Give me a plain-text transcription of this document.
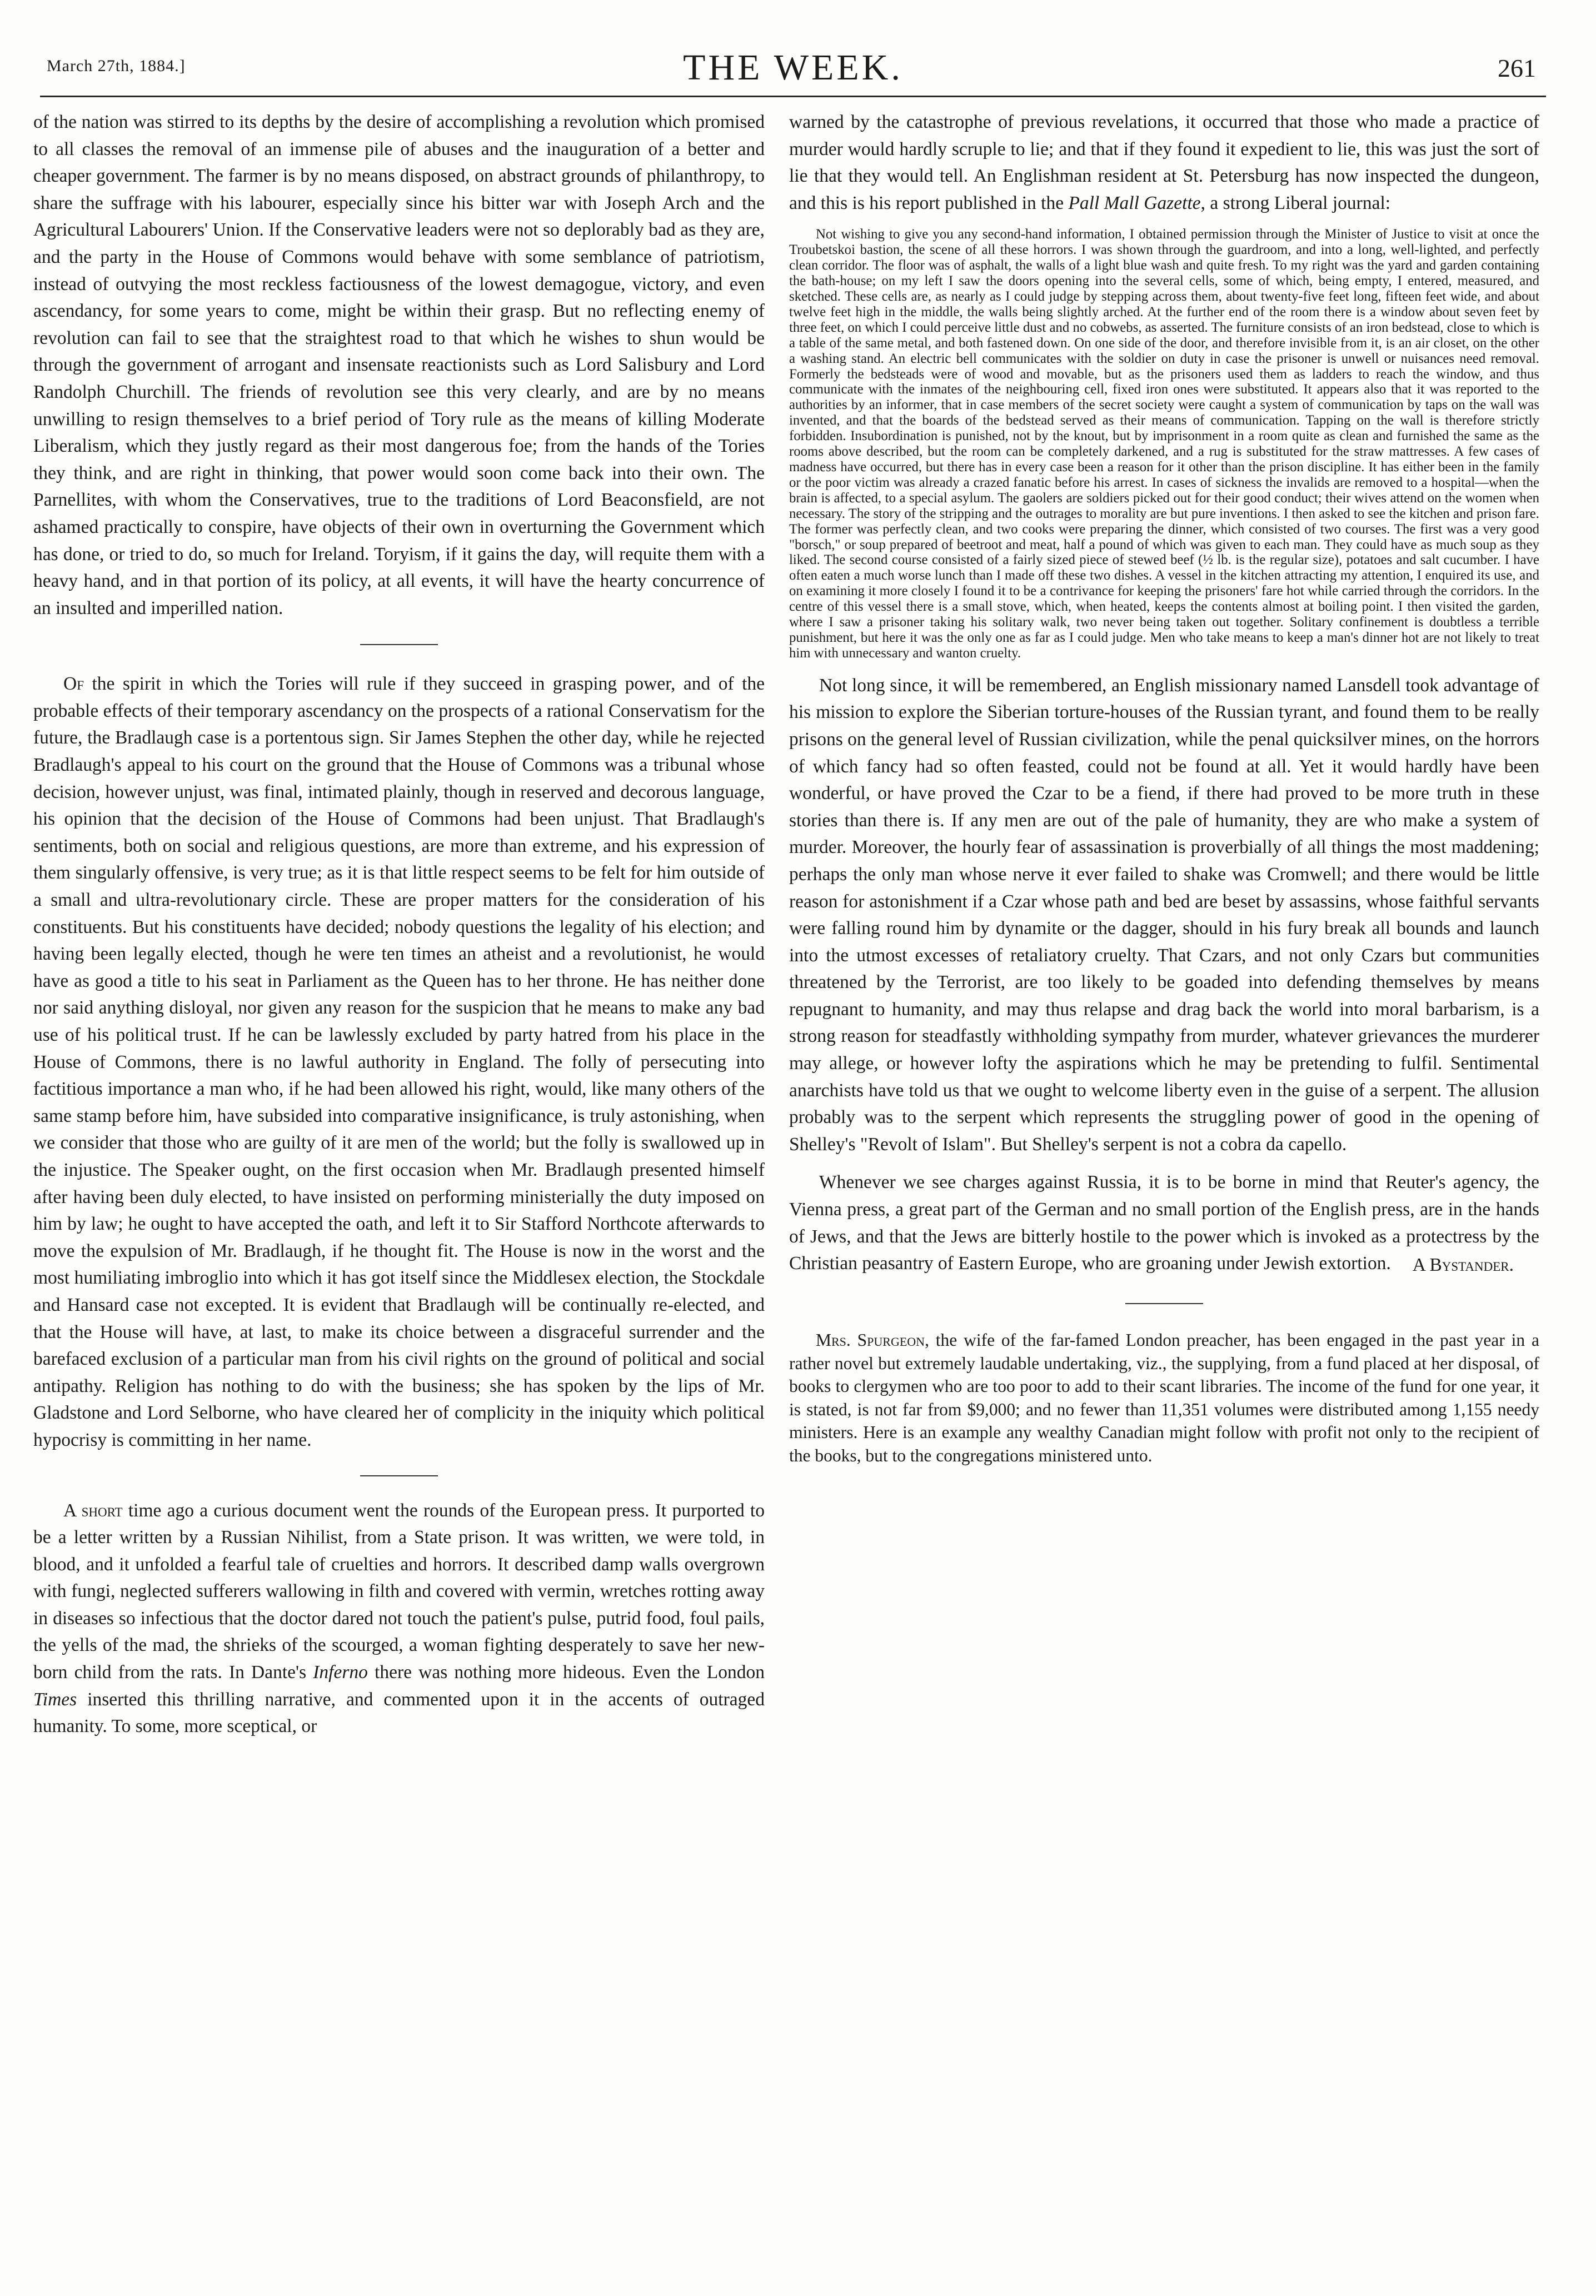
March 27th, 1884.]	THE WEEK.	261

of the nation was stirred to its depths by the desire of accomplishing a revolution which promised to all classes the removal of an immense pile of abuses and the inauguration of a better and cheaper government. The farmer is by no means disposed, on abstract grounds of philanthropy, to share the suffrage with his labourer, especially since his bitter war with Joseph Arch and the Agricultural Labourers' Union. If the Conservative leaders were not so deplorably bad as they are, and the party in the House of Commons would behave with some semblance of patriotism, instead of outvying the most reckless factiousness of the lowest demagogue, victory, and even ascendancy, for some years to come, might be within their grasp. But no reflecting enemy of revolution can fail to see that the straightest road to that which he wishes to shun would be through the government of arrogant and insensate reactionists such as Lord Salisbury and Lord Randolph Churchill. The friends of revolution see this very clearly, and are by no means unwilling to resign themselves to a brief period of Tory rule as the means of killing Moderate Liberalism, which they justly regard as their most dangerous foe; from the hands of the Tories they think, and are right in thinking, that power would soon come back into their own. The Parnellites, with whom the Conservatives, true to the traditions of Lord Beaconsfield, are not ashamed practically to conspire, have objects of their own in overturning the Government which has done, or tried to do, so much for Ireland. Toryism, if it gains the day, will requite them with a heavy hand, and in that portion of its policy, at all events, it will have the hearty concurrence of an insulted and imperilled nation.

Of the spirit in which the Tories will rule if they succeed in grasping power, and of the probable effects of their temporary ascendancy on the prospects of a rational Conservatism for the future, the Bradlaugh case is a portentous sign. Sir James Stephen the other day, while he rejected Bradlaugh's appeal to his court on the ground that the House of Commons was a tribunal whose decision, however unjust, was final, intimated plainly, though in reserved and decorous language, his opinion that the decision of the House of Commons had been unjust. That Bradlaugh's sentiments, both on social and religious questions, are more than extreme, and his expression of them singularly offensive, is very true; as it is that little respect seems to be felt for him outside of a small and ultra-revolutionary circle. These are proper matters for the consideration of his constituents. But his constituents have decided; nobody questions the legality of his election; and having been legally elected, though he were ten times an atheist and a revolutionist, he would have as good a title to his seat in Parliament as the Queen has to her throne. He has neither done nor said anything disloyal, nor given any reason for the suspicion that he means to make any bad use of his political trust. If he can be lawlessly excluded by party hatred from his place in the House of Commons, there is no lawful authority in England. The folly of persecuting into factitious importance a man who, if he had been allowed his right, would, like many others of the same stamp before him, have subsided into comparative insignificance, is truly astonishing, when we consider that those who are guilty of it are men of the world; but the folly is swallowed up in the injustice. The Speaker ought, on the first occasion when Mr. Bradlaugh presented himself after having been duly elected, to have insisted on performing ministerially the duty imposed on him by law; he ought to have accepted the oath, and left it to Sir Stafford Northcote afterwards to move the expulsion of Mr. Bradlaugh, if he thought fit. The House is now in the worst and the most humiliating imbroglio into which it has got itself since the Middlesex election, the Stockdale and Hansard case not excepted. It is evident that Bradlaugh will be continually re-elected, and that the House will have, at last, to make its choice between a disgraceful surrender and the barefaced exclusion of a particular man from his civil rights on the ground of political and social antipathy. Religion has nothing to do with the business; she has spoken by the lips of Mr. Gladstone and Lord Selborne, who have cleared her of complicity in the iniquity which political hypocrisy is committing in her name.

A short time ago a curious document went the rounds of the European press. It purported to be a letter written by a Russian Nihilist, from a State prison. It was written, we were told, in blood, and it unfolded a fearful tale of cruelties and horrors. It described damp walls overgrown with fungi, neglected sufferers wallowing in filth and covered with vermin, wretches rotting away in diseases so infectious that the doctor dared not touch the patient's pulse, putrid food, foul pails, the yells of the mad, the shrieks of the scourged, a woman fighting desperately to save her new-born child from the rats. In Dante's Inferno there was nothing more hideous. Even the London Times inserted this thrilling narrative, and commented upon it in the accents of outraged humanity. To some, more sceptical, or

warned by the catastrophe of previous revelations, it occurred that those who made a practice of murder would hardly scruple to lie; and that if they found it expedient to lie, this was just the sort of lie that they would tell. An Englishman resident at St. Petersburg has now inspected the dungeon, and this is his report published in the Pall Mall Gazette, a strong Liberal journal:

Not wishing to give you any second-hand information, I obtained permission through the Minister of Justice to visit at once the Troubetskoi bastion, the scene of all these horrors. I was shown through the guardroom, and into a long, well-lighted, and perfectly clean corridor. The floor was of asphalt, the walls of a light blue wash and quite fresh. To my right was the yard and garden containing the bath-house; on my left I saw the doors opening into the several cells, some of which, being empty, I entered, measured, and sketched. These cells are, as nearly as I could judge by stepping across them, about twenty-five feet long, fifteen feet wide, and about twelve feet high in the middle, the walls being slightly arched. At the further end of the room there is a window about seven feet by three feet, on which I could perceive little dust and no cobwebs, as asserted. The furniture consists of an iron bedstead, close to which is a table of the same metal, and both fastened down. On one side of the door, and therefore invisible from it, is an air closet, on the other a washing stand. An electric bell communicates with the soldier on duty in case the prisoner is unwell or nuisances need removal. Formerly the bedsteads were of wood and movable, but as the prisoners used them as ladders to reach the window, and thus communicate with the inmates of the neighbouring cell, fixed iron ones were substituted. It appears also that it was reported to the authorities by an informer, that in case members of the secret society were caught a system of communication by taps on the wall was invented, and that the boards of the bedstead served as their means of communication. Tapping on the wall is therefore strictly forbidden. Insubordination is punished, not by the knout, but by imprisonment in a room quite as clean and furnished the same as the rooms above described, but the room can be completely darkened, and a rug is substituted for the straw mattresses. A few cases of madness have occurred, but there has in every case been a reason for it other than the prison discipline. It has either been in the family or the poor victim was already a crazed fanatic before his arrest. In cases of sickness the invalids are removed to a hospital—when the brain is affected, to a special asylum. The gaolers are soldiers picked out for their good conduct; their wives attend on the women when necessary. The story of the stripping and the outrages to morality are but pure inventions. I then asked to see the kitchen and prison fare. The former was perfectly clean, and two cooks were preparing the dinner, which consisted of two courses. The first was a very good "borsch," or soup prepared of beetroot and meat, half a pound of which was given to each man. They could have as much soup as they liked. The second course consisted of a fairly sized piece of stewed beef (½ lb. is the regular size), potatoes and salt cucumber. I have often eaten a much worse lunch than I made off these two dishes. A vessel in the kitchen attracting my attention, I enquired its use, and on examining it more closely I found it to be a contrivance for keeping the prisoners' fare hot while carried through the corridors. In the centre of this vessel there is a small stove, which, when heated, keeps the contents almost at boiling point. I then visited the garden, where I saw a prisoner taking his solitary walk, two never being taken out together. Solitary confinement is doubtless a terrible punishment, but here it was the only one as far as I could judge. Men who take means to keep a man's dinner hot are not likely to treat him with unnecessary and wanton cruelty.

Not long since, it will be remembered, an English missionary named Lansdell took advantage of his mission to explore the Siberian torture-houses of the Russian tyrant, and found them to be really prisons on the general level of Russian civilization, while the penal quicksilver mines, on the horrors of which fancy had so often feasted, could not be found at all. Yet it would hardly have been wonderful, or have proved the Czar to be a fiend, if there had proved to be more truth in these stories than there is. If any men are out of the pale of humanity, they are who make a system of murder. Moreover, the hourly fear of assassination is proverbially of all things the most maddening; perhaps the only man whose nerve it ever failed to shake was Cromwell; and there would be little reason for astonishment if a Czar whose path and bed are beset by assassins, whose faithful servants were falling round him by dynamite or the dagger, should in his fury break all bounds and launch into the utmost excesses of retaliatory cruelty. That Czars, and not only Czars but communities threatened by the Terrorist, are too likely to be goaded into defending themselves by means repugnant to humanity, and may thus relapse and drag back the world into moral barbarism, is a strong reason for steadfastly withholding sympathy from murder, whatever grievances the murderer may allege, or however lofty the aspirations which he may be pretending to fulfil. Sentimental anarchists have told us that we ought to welcome liberty even in the guise of a serpent. The allusion probably was to the serpent which represents the struggling power of good in the opening of Shelley's "Revolt of Islam". But Shelley's serpent is not a cobra da capello.

Whenever we see charges against Russia, it is to be borne in mind that Reuter's agency, the Vienna press, a great part of the German and no small portion of the English press, are in the hands of Jews, and that the Jews are bitterly hostile to the power which is invoked as a protectress by the Christian peasantry of Eastern Europe, who are groaning under Jewish extortion.	A Bystander.

Mrs. Spurgeon, the wife of the far-famed London preacher, has been engaged in the past year in a rather novel but extremely laudable undertaking, viz., the supplying, from a fund placed at her disposal, of books to clergymen who are too poor to add to their scant libraries. The income of the fund for one year, it is stated, is not far from $9,000; and no fewer than 11,351 volumes were distributed among 1,155 needy ministers. Here is an example any wealthy Canadian might follow with profit not only to the recipient of the books, but to the congregations ministered unto.
